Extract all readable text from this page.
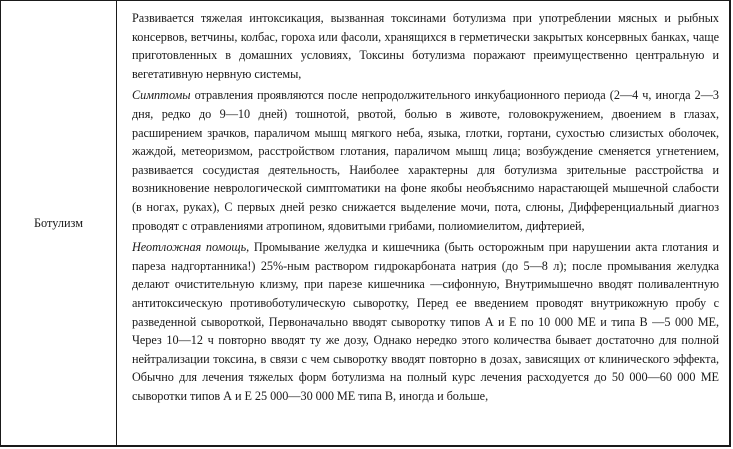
Ботулизм

Развивается тяжелая интоксикация, вызванная токсинами ботулизма при употреблении мясных и рыбных консервов, ветчины, колбас, гороха или фасоли, хранящихся в герметически закрытых консервных банках, чаще приготовленных в домашних условиях, Токсины ботулизма поражают преимущественно центральную и вегетативную нервную системы,

Симптомы отравления проявляются после непродолжительного инкубационного периода (2—4 ч, иногда 2—3 дня, редко до 9—10 дней) тошнотой, рвотой, болью в животе, головокружением, двоением в глазах, расширением зрачков, параличом мышц мягкого неба, языка, глотки, гортани, сухостью слизистых оболочек, жаждой, метеоризмом, расстройством глотания, параличом мышц лица; возбуждение сменяется угнетением, развивается сосудистая деятельность, Наиболее характерны для ботулизма зрительные расстройства и возникновение неврологической симптоматики на фоне якобы необъяснимо нарастающей мышечной слабости (в ногах, руках), С первых дней резко снижается выделение мочи, пота, слюны, Дифференциальный диагноз проводят с отравлениями атропином, ядовитыми грибами, полиомиелитом, дифтерией,

Неотложная помощь, Промывание желудка и кишечника (быть осторожным при нарушении акта глотания и пареза надгортанника!) 25%-ным раствором гидрокарбоната натрия (до 5—8 л); после промывания желудка делают очистительную клизму, при парезе кишечника —сифонную, Внутримышечно вводят поливалентную антитоксическую противоботулическую сыворотку, Перед ее введением проводят внутрикожную пробу с разведенной сывороткой, Первоначально вводят сыворотку типов А и Е по 10 000 МЕ и типа В —5 000 МЕ, Через 10—12 ч повторно вводят ту же дозу, Однако нередко этого количества бывает достаточно для полной нейтрализации токсина, в связи с чем сыворотку вводят повторно в дозах, зависящих от клинического эффекта, Обычно для лечения тяжелых форм ботулизма на полный курс лечения расходуется до 50 000—60 000 МЕ сыворотки типов А и Е 25 000—30 000 МЕ типа В, иногда и больше,
